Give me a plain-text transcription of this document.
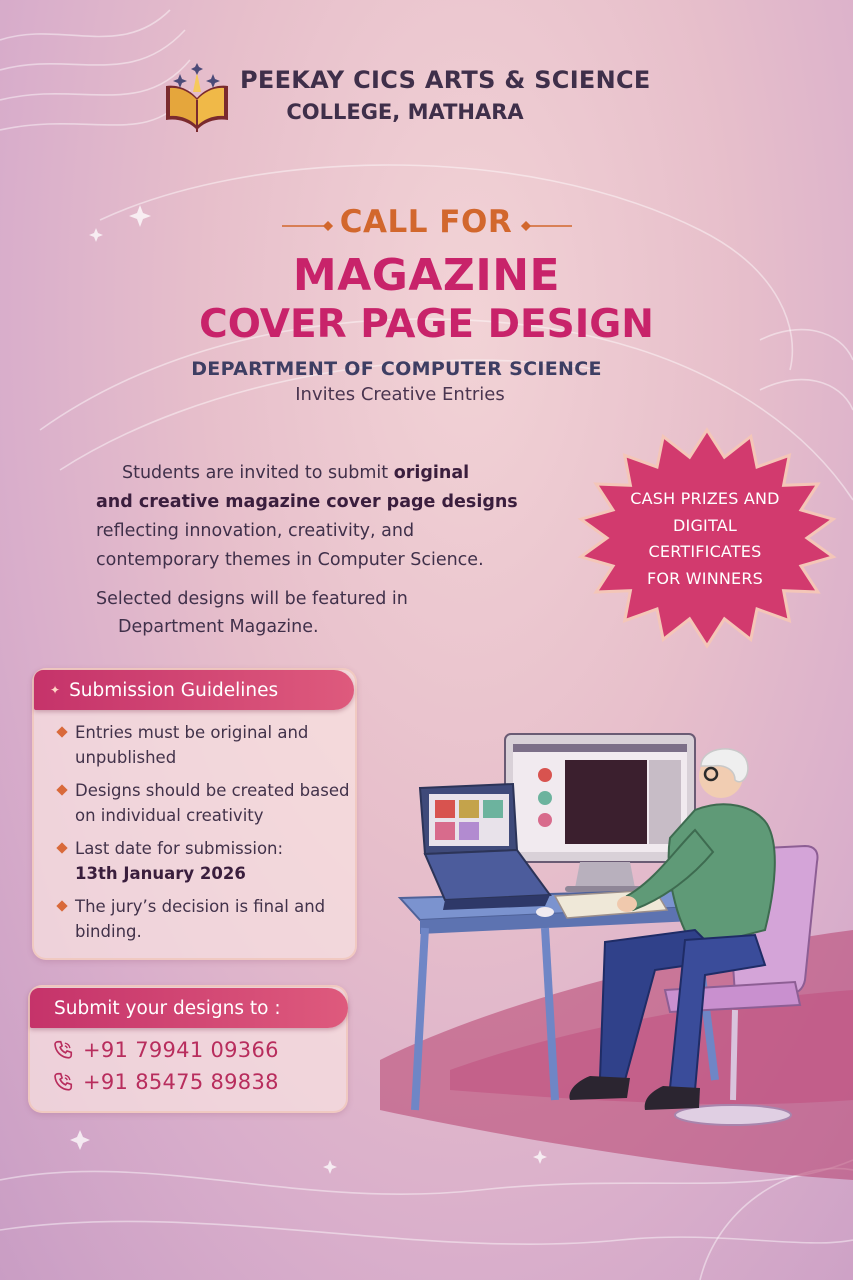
PEEKAY CICS ARTS & SCIENCE
COLLEGE, MATHARA
CALL FOR
MAGAZINE
COVER PAGE DESIGN
DEPARTMENT OF COMPUTER SCIENCE
Invites Creative Entries
Students are invited to submit original
and creative magazine cover page designs
reflecting innovation, creativity, and
contemporary themes in Computer Science.
Selected designs will be featured in
Department Magazine.
CASH PRIZES AND
DIGITAL
CERTIFICATES
FOR WINNERS
✦ Submission Guidelines
Entries must be original and unpublished
Designs should be created based on individual creativity
Last date for submission:
13th January 2026
The jury’s decision is final and binding.
Submit your designs to :
+91 79941 09366
+91 85475 89838
